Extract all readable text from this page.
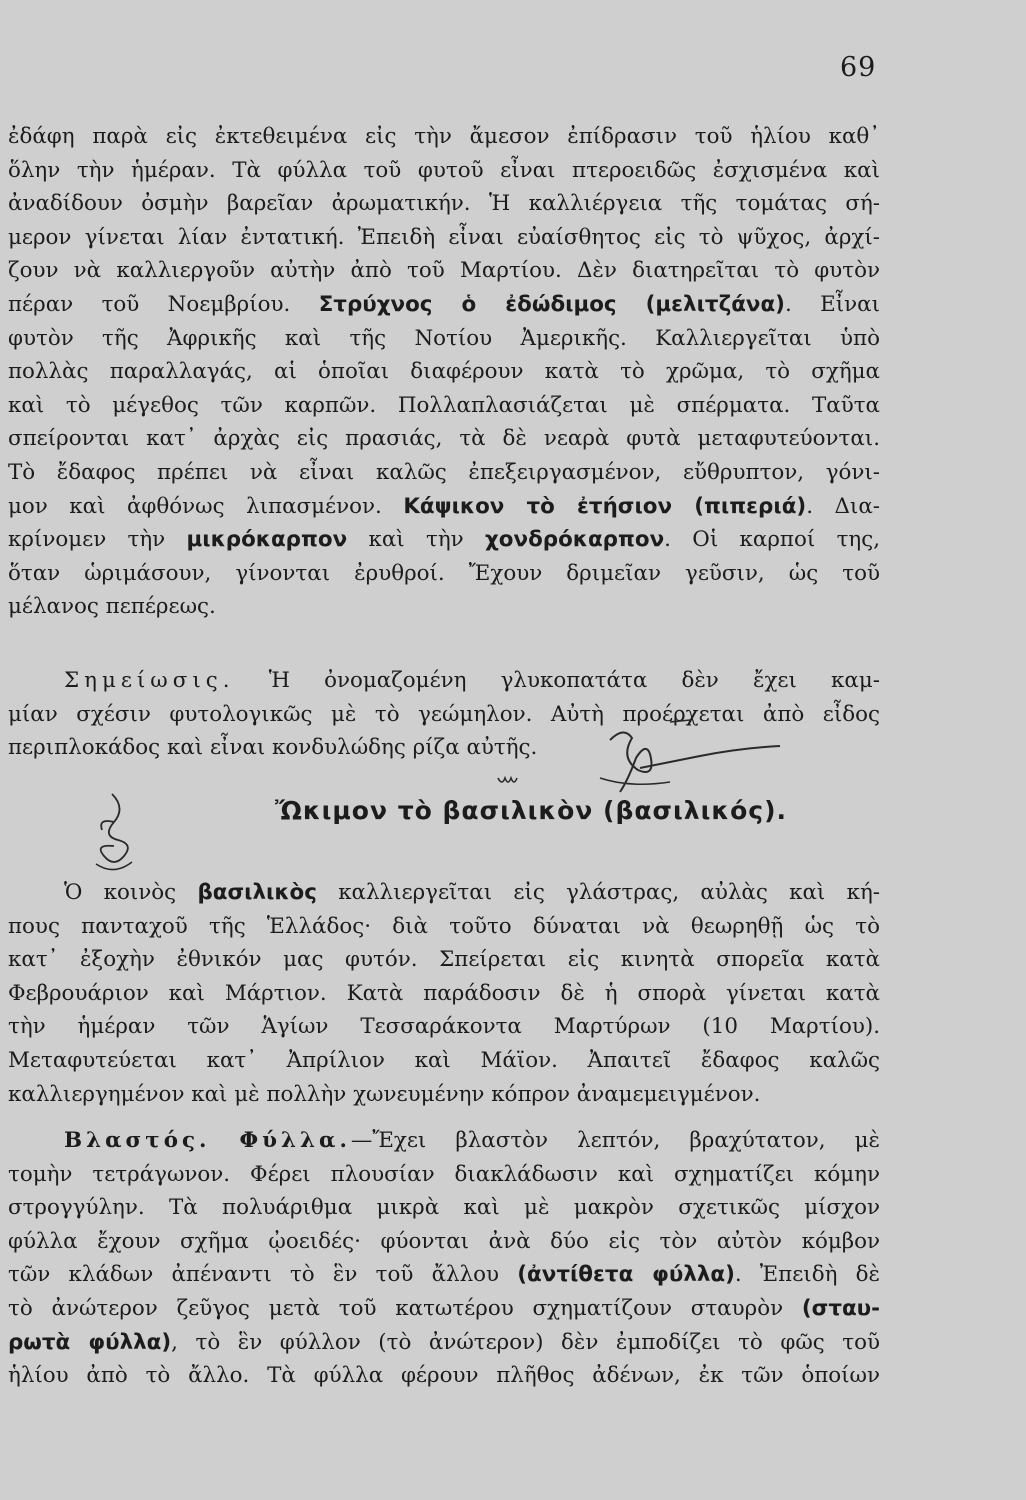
69
ἐδάφη παρὰ εἰς ἐκτεθειμένα εἰς τὴν ἄμεσον ἐπίδρασιν τοῦ ἡλίου καθ᾽
ὅλην τὴν ἡμέραν. Τὰ φύλλα τοῦ φυτοῦ εἶναι πτεροειδῶς ἐσχισμένα καὶ
ἀναδίδουν ὀσμὴν βαρεῖαν ἀρωματικήν. Ἡ καλλιέργεια τῆς τομάτας σή-
μερον γίνεται λίαν ἐντατική. Ἐπειδὴ εἶναι εὐαίσθητος εἰς τὸ ψῦχος, ἀρχί-
ζουν νὰ καλλιεργοῦν αὐτὴν ἀπὸ τοῦ Μαρτίου. Δὲν διατηρεῖται τὸ φυτὸν
πέραν τοῦ Νοεμβρίου. Στρύχνος ὁ ἐδώδιμος (μελιτζάνα). Εἶναι
φυτὸν τῆς Ἀφρικῆς καὶ τῆς Νοτίου Ἀμερικῆς. Καλλιεργεῖται ὑπὸ
πολλὰς παραλλαγάς, αἱ ὁποῖαι διαφέρουν κατὰ τὸ χρῶμα, τὸ σχῆμα
καὶ τὸ μέγεθος τῶν καρπῶν. Πολλαπλασιάζεται μὲ σπέρματα. Ταῦτα
σπείρονται κατ᾽ ἀρχὰς εἰς πρασιάς, τὰ δὲ νεαρὰ φυτὰ μεταφυτεύονται.
Τὸ ἔδαφος πρέπει νὰ εἶναι καλῶς ἐπεξειργασμένον, εὔθρυπτον, γόνι-
μον καὶ ἀφθόνως λιπασμένον. Κάψικον τὸ ἐτήσιον (πιπεριά). Δια-
κρίνομεν τὴν μικρόκαρπον καὶ τὴν χονδρόκαρπον. Οἱ καρποί της,
ὅταν ὡριμάσουν, γίνονται ἐρυθροί. Ἔχουν δριμεῖαν γεῦσιν, ὡς τοῦ
μέλανος πεπέρεως.
Σημείωσις. Ἡ ὀνομαζομένη γλυκοπατάτα δὲν ἔχει καμ-
μίαν σχέσιν φυτολογικῶς μὲ τὸ γεώμηλον. Αὐτὴ προέρχεται ἀπὸ εἶδος
περιπλοκάδος καὶ εἶναι κονδυλώδης ρίζα αὐτῆς.
Ὤκιμον τὸ βασιλικὸν (βασιλικός).
Ὁ κοινὸς βασιλικὸς καλλιεργεῖται εἰς γλάστρας, αὐλὰς καὶ κή-
πους πανταχοῦ τῆς Ἑλλάδος· διὰ τοῦτο δύναται νὰ θεωρηθῇ ὡς τὸ
κατ᾽ ἐξοχὴν ἐθνικόν μας φυτόν. Σπείρεται εἰς κινητὰ σπορεῖα κατὰ
Φεβρουάριον καὶ Μάρτιον. Κατὰ παράδοσιν δὲ ἡ σπορὰ γίνεται κατὰ
τὴν ἡμέραν τῶν Ἁγίων Τεσσαράκοντα Μαρτύρων (10 Μαρτίου).
Μεταφυτεύεται κατ᾽ Ἀπρίλιον καὶ Μάϊον. Ἀπαιτεῖ ἔδαφος καλῶς
καλλιεργημένον καὶ μὲ πολλὴν χωνευμένην κόπρον ἀναμεμειγμένον.
Βλαστός. Φύλλα.—Ἔχει βλαστὸν λεπτόν, βραχύτατον, μὲ
τομὴν τετράγωνον. Φέρει πλουσίαν διακλάδωσιν καὶ σχηματίζει κόμην
στρογγύλην. Τὰ πολυάριθμα μικρὰ καὶ μὲ μακρὸν σχετικῶς μίσχον
φύλλα ἔχουν σχῆμα ᾠοειδές· φύονται ἀνὰ δύο εἰς τὸν αὐτὸν κόμβον
τῶν κλάδων ἀπέναντι τὸ ἓν τοῦ ἄλλου (ἀντίθετα φύλλα). Ἐπειδὴ δὲ
τὸ ἀνώτερον ζεῦγος μετὰ τοῦ κατωτέρου σχηματίζουν σταυρὸν (σταυ-
ρωτὰ φύλλα), τὸ ἓν φύλλον (τὸ ἀνώτερον) δὲν ἐμποδίζει τὸ φῶς τοῦ
ἡλίου ἀπὸ τὸ ἄλλο. Τὰ φύλλα φέρουν πλῆθος ἀδένων, ἐκ τῶν ὁποίων
